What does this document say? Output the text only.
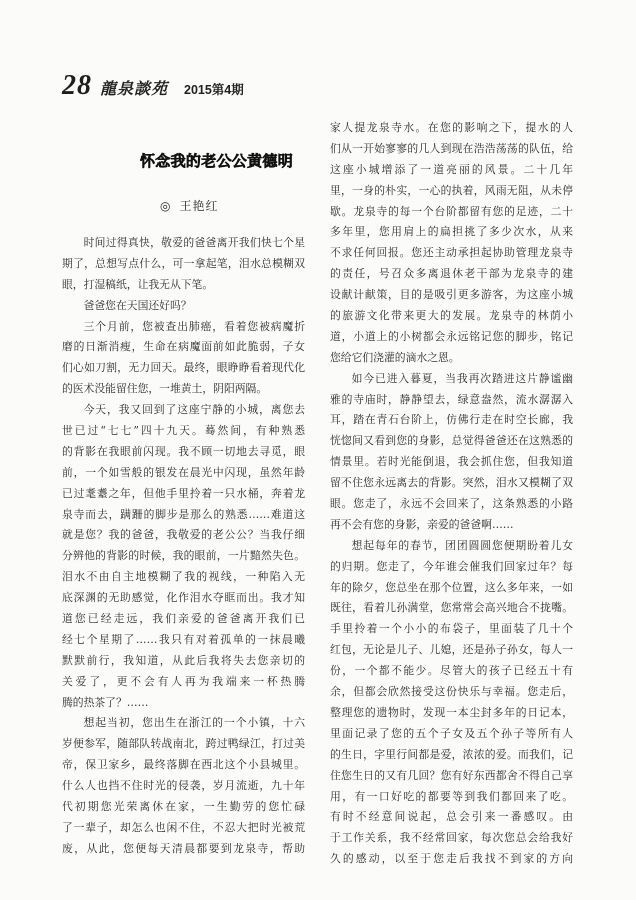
28 龍泉談苑 2015第4期
怀念我的老公公黄德明
◎ 王艳红
时间过得真快，敬爱的爸爸离开我们快七个星
期了，总想写点什么，可一拿起笔，泪水总模糊双
眼，打湿稿纸，让我无从下笔。
爸爸您在天国还好吗？
三个月前，您被查出肺癌，看着您被病魔折
磨的日渐消瘦，生命在病魔面前如此脆弱，子女
们心如刀割，无力回天。最终，眼睁睁看着现代化
的医术没能留住您，一堆黄土，阴阳两隔。
今天，我又回到了这座宁静的小城，离您去
世已过“七七”四十九天。蓦然间，有种熟悉
的背影在我眼前闪现。我不顾一切地去寻觅，眼
前，一个如雪般的银发在晨光中闪现，虽然年龄
已过耄耋之年，但他手里拎着一只水桶，奔着龙
泉寺而去，蹒跚的脚步是那么的熟悉……难道这
就是您？我的爸爸，我敬爱的老公公？当我仔细
分辨他的背影的时候，我的眼前，一片黯然失色。
泪水不由自主地模糊了我的视线，一种陷入无
底深渊的无助感觉，化作泪水夺眶而出。我才知
道您已经走远，我们亲爱的爸爸离开我们已
经七个星期了……我只有对着孤单的一抹晨曦
默默前行，我知道，从此后我将失去您亲切的
关爱了，更不会有人再为我端来一杯热腾
腾的热茶了？……
想起当初，您出生在浙江的一个小镇，十六
岁便参军，随部队转战南北，跨过鸭绿江，打过美
帝，保卫家乡，最终落脚在西北这个小县城里。
什么人也挡不住时光的侵袭，岁月流逝，九十年
代初期您光荣离休在家，一生勤劳的您忙碌
了一辈子，却怎么也闲不住，不忍大把时光被荒
废，从此，您便每天清晨都要到龙泉寺，帮助
家人提龙泉寺水。在您的影响之下，提水的人
们从一开始寥寥的几人到现在浩浩荡荡的队伍，给
这座小城增添了一道亮丽的风景。二十几年
里，一身的朴实，一心的执着，风雨无阻，从未停
歇。龙泉寺的每一个台阶都留有您的足迹，二十
多年里，您用肩上的扁担挑了多少次水，从来
不求任何回报。您还主动承担起协助管理龙泉寺
的责任，号召众多离退休老干部为龙泉寺的建
设献计献策，目的是吸引更多游客，为这座小城
的旅游文化带来更大的发展。龙泉寺的林荫小
道，小道上的小树都会永远铭记您的脚步，铭记
您给它们浇灌的滴水之恩。
如今已进入暮夏，当我再次踏进这片静谧幽
雅的寺庙时，静静望去，绿意盎然，流水潺潺入
耳，踏在青石台阶上，仿佛行走在时空长廊，我
恍惚间又看到您的身影，总觉得爸爸还在这熟悉的
情景里。若时光能倒退，我会抓住您，但我知道
留不住您永远离去的背影。突然，泪水又模糊了双
眼。您走了，永远不会回来了，这条熟悉的小路
再不会有您的身影，亲爱的爸爸啊……
想起每年的春节，团团圆圆您便期盼着儿女
的归期。您走了，今年谁会催我们回家过年？每
年的除夕，您总坐在那个位置，这么多年来，一如
既往，看着儿孙满堂，您常常会高兴地合不拢嘴。
手里拎着一个小小的布袋子，里面装了几十个
红包，无论是儿子、儿媳，还是孙子孙女，每人一
份，一个都不能少。尽管大的孩子已经五十有
余，但都会欣然接受这份快乐与幸福。您走后，
整理您的遗物时，发现一本尘封多年的日记本，
里面记录了您的五个子女及五个孙子等所有人
的生日，字里行间都是爱，浓浓的爱。而我们，记
住您生日的又有几回？您有好东西都舍不得自己享
用，有一口好吃的都要等到我们都回来了吃。
有时不经意间说起，总会引来一番感叹。由
于工作关系，我不经常回家，每次您总会给我好
久的感动，以至于您走后我找不到家的方向
